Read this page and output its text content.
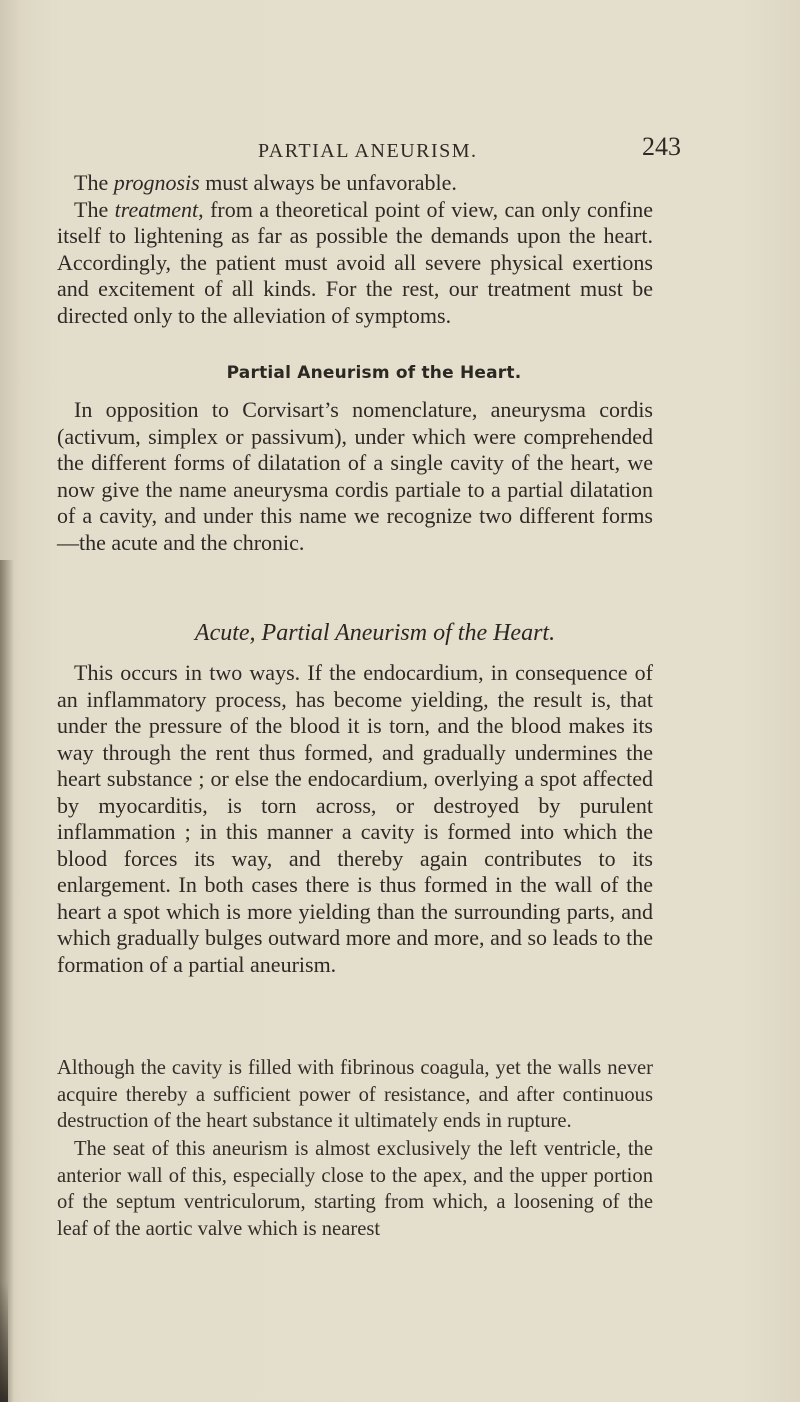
PARTIAL ANEURISM.	243

The prognosis must always be unfavorable.

The treatment, from a theoretical point of view, can only confine itself to lightening as far as possible the demands upon the heart. Accordingly, the patient must avoid all severe physical exertions and excitement of all kinds. For the rest, our treatment must be directed only to the alleviation of symptoms.

Partial Aneurism of the Heart.

In opposition to Corvisart’s nomenclature, aneurysma cordis (activum, simplex or passivum), under which were comprehended the different forms of dilatation of a single cavity of the heart, we now give the name aneurysma cordis partiale to a partial dilatation of a cavity, and under this name we recognize two different forms—the acute and the chronic.

Acute, Partial Aneurism of the Heart.

This occurs in two ways. If the endocardium, in consequence of an inflammatory process, has become yielding, the result is, that under the pressure of the blood it is torn, and the blood makes its way through the rent thus formed, and gradually undermines the heart substance ; or else the endocardium, overlying a spot affected by myocarditis, is torn across, or destroyed by purulent inflammation ; in this manner a cavity is formed into which the blood forces its way, and thereby again contributes to its enlargement. In both cases there is thus formed in the wall of the heart a spot which is more yielding than the surrounding parts, and which gradually bulges outward more and more, and so leads to the formation of a partial aneurism.

Although the cavity is filled with fibrinous coagula, yet the walls never acquire thereby a sufficient power of resistance, and after continuous destruction of the heart substance it ultimately ends in rupture.

The seat of this aneurism is almost exclusively the left ventricle, the anterior wall of this, especially close to the apex, and the upper portion of the septum ventriculorum, starting from which, a loosening of the leaf of the aortic valve which is nearest
